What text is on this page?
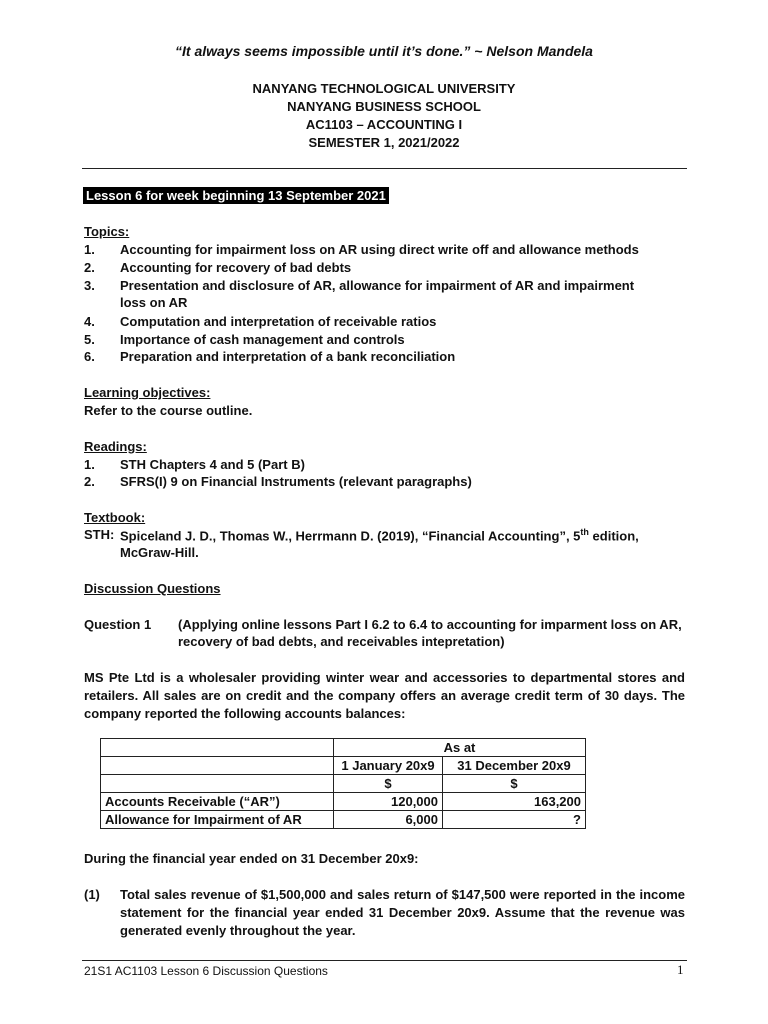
“It always seems impossible until it’s done.” ~ Nelson Mandela
NANYANG TECHNOLOGICAL UNIVERSITY
NANYANG BUSINESS SCHOOL
AC1103 – ACCOUNTING I
SEMESTER 1, 2021/2022
Lesson 6 for week beginning 13 September 2021
Topics:
1. Accounting for impairment loss on AR using direct write off and allowance methods
2. Accounting for recovery of bad debts
3. Presentation and disclosure of AR, allowance for impairment of AR and impairment
loss on AR
4. Computation and interpretation of receivable ratios
5. Importance of cash management and controls
6. Preparation and interpretation of a bank reconciliation
Learning objectives:
Refer to the course outline.
Readings:
1. STH Chapters 4 and 5 (Part B)
2. SFRS(I) 9 on Financial Instruments (relevant paragraphs)
Textbook:
STH: Spiceland J. D., Thomas W., Herrmann D. (2019), “Financial Accounting”, 5th edition,
McGraw-Hill.
Discussion Questions
Question 1 (Applying online lessons Part I 6.2 to 6.4 to accounting for imparment loss on AR,
recovery of bad debts, and receivables intepretation)
MS Pte Ltd is a wholesaler providing winter wear and accessories to departmental stores and retailers. All sales are on credit and the company offers an average credit term of 30 days. The company reported the following accounts balances:
	As at	
	1 January 20x9	31 December 20x9
	$	$
Accounts Receivable (“AR”)	120,000	163,200
Allowance for Impairment of AR	6,000	?
During the financial year ended on 31 December 20x9:
(1) Total sales revenue of $1,500,000 and sales return of $147,500 were reported in the income statement for the financial year ended 31 December 20x9. Assume that the revenue was generated evenly throughout the year.
21S1 AC1103 Lesson 6 Discussion Questions	1
